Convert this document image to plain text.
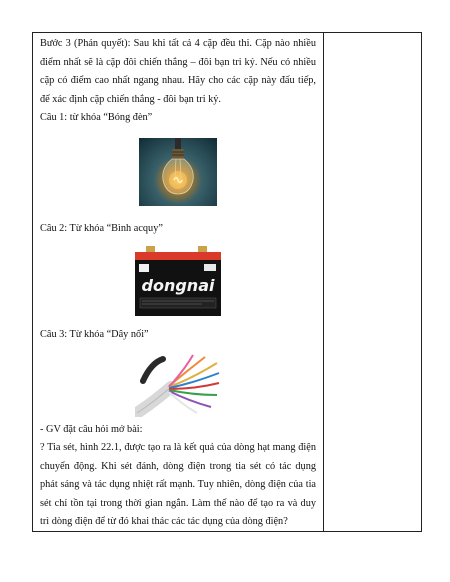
Bước 3 (Phán quyết): Sau khi tất cả 4 cặp đều thi. Cặp nào nhiều điểm nhất sẽ là cặp đôi chiến thắng – đôi bạn tri kỷ. Nếu có nhiều cặp có điểm cao nhất ngang nhau. Hãy cho các cặp này đấu tiếp, để xác định cặp chiến thắng - đôi bạn tri kỷ.

Câu 1: từ khóa “Bóng đèn”

Câu 2: Từ khóa “Bình acquy”

dongnai

Câu 3: Từ khóa “Dây nối”

- GV đặt câu hỏi mở bài:

? Tia sét, hình 22.1, được tạo ra là kết quả của dòng hạt mang điện chuyển động. Khi sét đánh, dòng điện trong tia sét có tác dụng phát sáng và tác dụng nhiệt rất mạnh. Tuy nhiên, dòng điện của tia sét chỉ tồn tại trong thời gian ngắn. Làm thế nào để tạo ra và duy trì dòng điện để từ đó khai thác các tác dụng của dòng điện?
